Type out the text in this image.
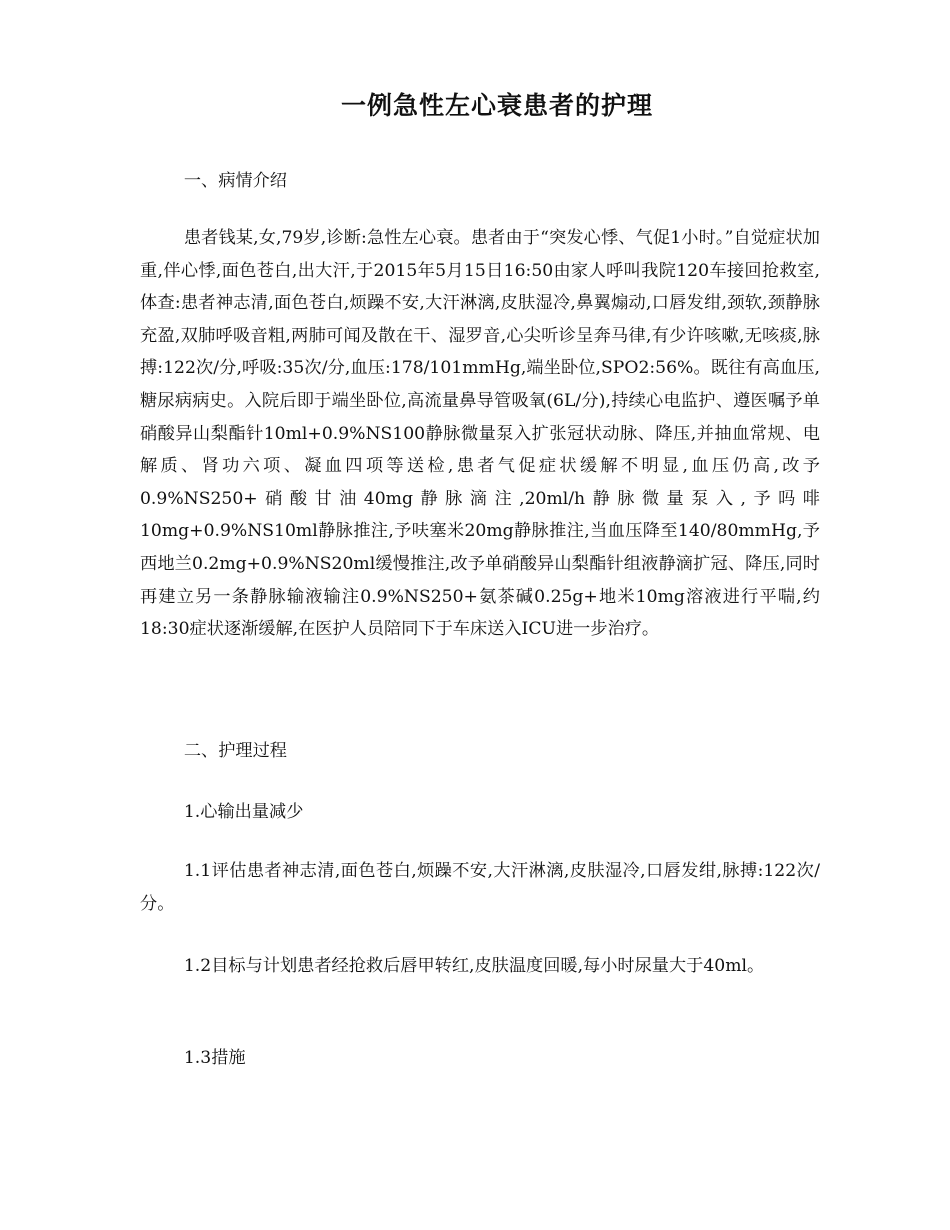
一例急性左心衰患者的护理

一、病情介绍

患者钱某,女,79岁,诊断:急性左心衰。患者由于“突发心悸、气促1小时。”自觉症状加重,伴心悸,面色苍白,出大汗,于2015年5月15日16:50由家人呼叫我院120车接回抢救室,体查:患者神志清,面色苍白,烦躁不安,大汗淋漓,皮肤湿冷,鼻翼煽动,口唇发绀,颈软,颈静脉充盈,双肺呼吸音粗,两肺可闻及散在干、湿罗音,心尖听诊呈奔马律,有少许咳嗽,无咳痰,脉搏:122次/分,呼吸:35次/分,血压:178/101mmHg,端坐卧位,SPO2:56%。既往有高血压,糖尿病病史。入院后即于端坐卧位,高流量鼻导管吸氧(6L/分),持续心电监护、遵医嘱予单硝酸异山梨酯针10ml+0.9%NS100静脉微量泵入扩张冠状动脉、降压,并抽血常规、电解质、肾功六项、凝血四项等送检,患者气促症状缓解不明显,血压仍高,改予0.9%NS250+硝酸甘油40mg静脉滴注,20ml/h静脉微量泵入,予吗啡10mg+0.9%NS10ml静脉推注,予呋塞米20mg静脉推注,当血压降至140/80mmHg,予西地兰0.2mg+0.9%NS20ml缓慢推注,改予单硝酸异山梨酯针组液静滴扩冠、降压,同时再建立另一条静脉输液输注0.9%NS250+氨茶碱0.25g+地米10mg溶液进行平喘,约18:30症状逐渐缓解,在医护人员陪同下于车床送入ICU进一步治疗。

二、护理过程

1.心输出量减少

1.1评估患者神志清,面色苍白,烦躁不安,大汗淋漓,皮肤湿冷,口唇发绀,脉搏:122次/分。

1.2目标与计划患者经抢救后唇甲转红,皮肤温度回暖,每小时尿量大于40ml。

1.3措施
